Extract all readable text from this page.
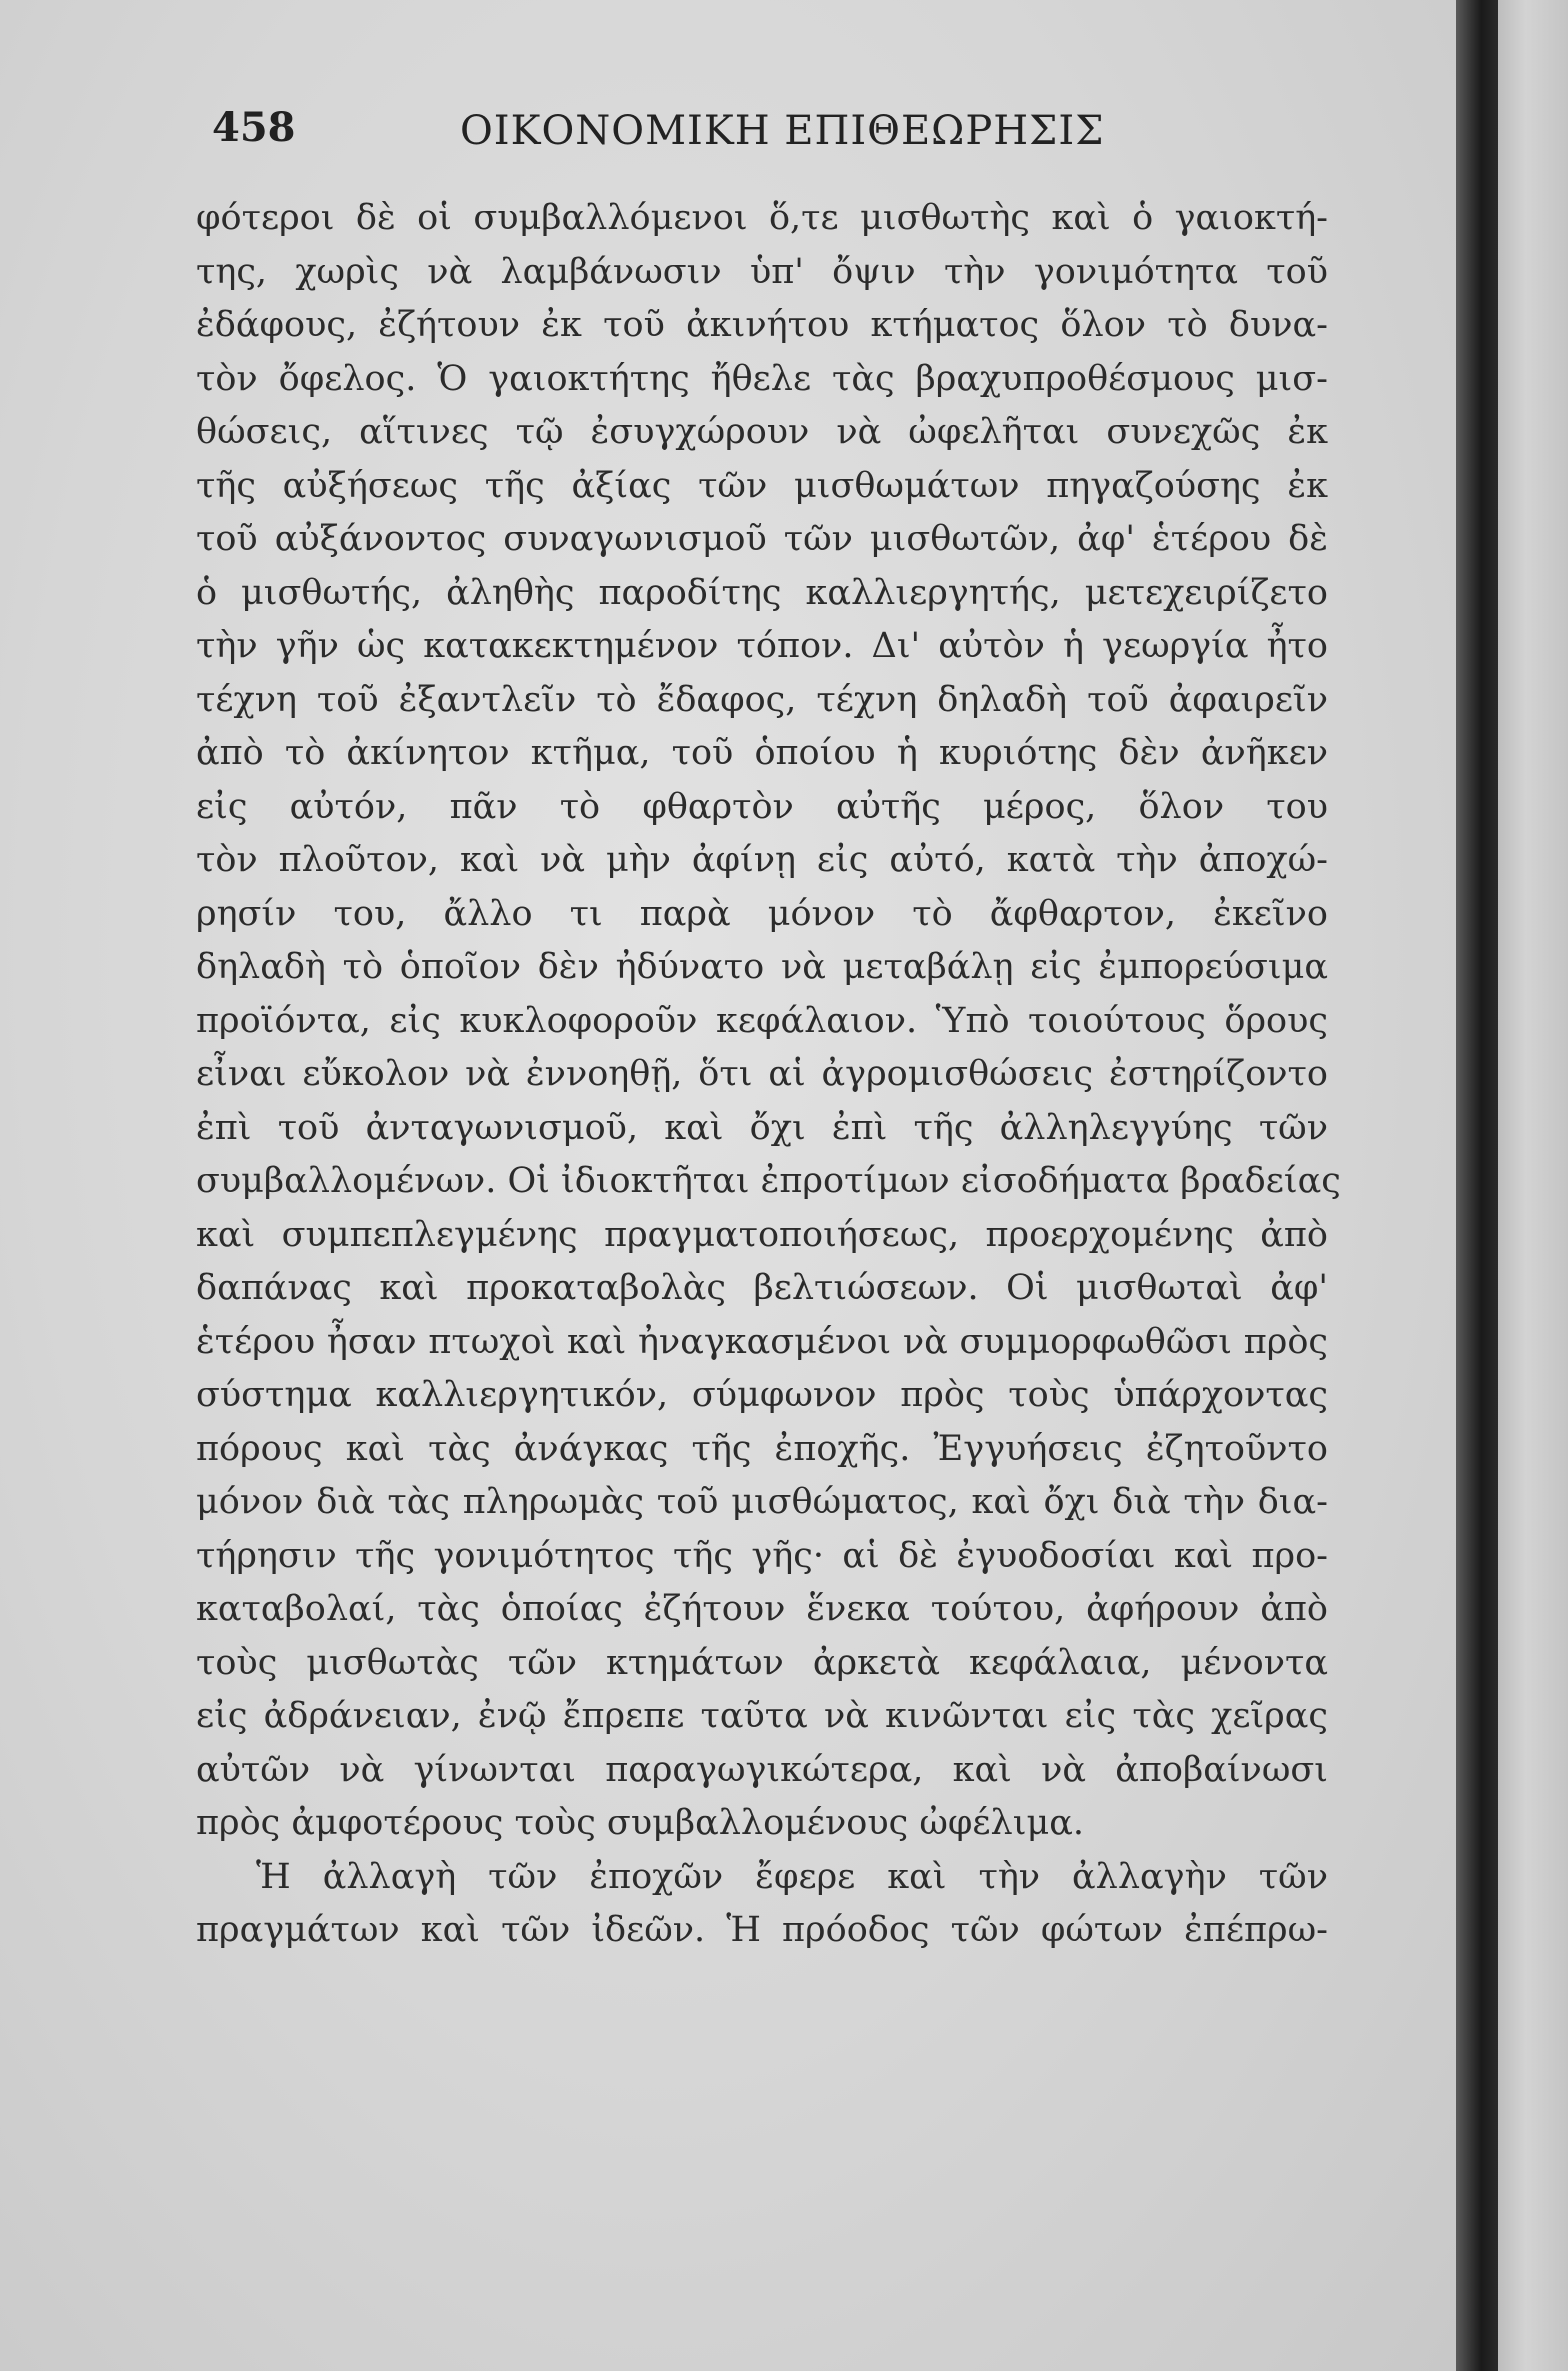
458	ΟΙΚΟΝΟΜΙΚΗ ΕΠΙΘΕΩΡΗΣΙΣ
φότεροι δὲ οἱ συμβαλλόμενοι ὅ,τε μισθωτὴς καὶ ὁ γαιοκτή-
της, χωρὶς νὰ λαμβάνωσιν ὑπ' ὄψιν τὴν γονιμότητα τοῦ
ἐδάφους, ἐζήτουν ἐκ τοῦ ἀκινήτου κτήματος ὅλον τὸ δυνα-
τὸν ὄφελος. Ὁ γαιοκτήτης ἤθελε τὰς βραχυπροθέσμους μισ-
θώσεις, αἵτινες τῷ ἐσυγχώρουν νὰ ὠφελῆται συνεχῶς ἐκ
τῆς αὐξήσεως τῆς ἀξίας τῶν μισθωμάτων πηγαζούσης ἐκ
τοῦ αὐξάνοντος συναγωνισμοῦ τῶν μισθωτῶν, ἀφ' ἑτέρου δὲ
ὁ μισθωτής, ἀληθὴς παροδίτης καλλιεργητής, μετεχειρίζετο
τὴν γῆν ὡς κατακεκτημένον τόπον. Δι' αὐτὸν ἡ γεωργία ἦτο
τέχνη τοῦ ἐξαντλεῖν τὸ ἔδαφος, τέχνη δηλαδὴ τοῦ ἀφαιρεῖν
ἀπὸ τὸ ἀκίνητον κτῆμα, τοῦ ὁποίου ἡ κυριότης δὲν ἀνῆκεν
εἰς αὐτόν, πᾶν τὸ φθαρτὸν αὐτῆς μέρος, ὅλον του
τὸν πλοῦτον, καὶ νὰ μὴν ἀφίνῃ εἰς αὐτό, κατὰ τὴν ἀποχώ-
ρησίν του, ἄλλο τι παρὰ μόνον τὸ ἄφθαρτον, ἐκεῖνο
δηλαδὴ τὸ ὁποῖον δὲν ἠδύνατο νὰ μεταβάλῃ εἰς ἐμπορεύσιμα
προϊόντα, εἰς κυκλοφοροῦν κεφάλαιον. Ὑπὸ τοιούτους ὅρους
εἶναι εὔκολον νὰ ἐννοηθῇ, ὅτι αἱ ἀγρομισθώσεις ἐστηρίζοντο
ἐπὶ τοῦ ἀνταγωνισμοῦ, καὶ ὄχι ἐπὶ τῆς ἀλληλεγγύης τῶν
συμβαλλομένων. Οἱ ἰδιοκτῆται ἐπροτίμων εἰσοδήματα βραδείας
καὶ συμπεπλεγμένης πραγματοποιήσεως, προερχομένης ἀπὸ
δαπάνας καὶ προκαταβολὰς βελτιώσεων. Οἱ μισθωταὶ ἀφ'
ἑτέρου ἦσαν πτωχοὶ καὶ ἠναγκασμένοι νὰ συμμορφωθῶσι πρὸς
σύστημα καλλιεργητικόν, σύμφωνον πρὸς τοὺς ὑπάρχοντας
πόρους καὶ τὰς ἀνάγκας τῆς ἐποχῆς. Ἐγγυήσεις ἐζητοῦντο
μόνον διὰ τὰς πληρωμὰς τοῦ μισθώματος, καὶ ὄχι διὰ τὴν δια-
τήρησιν τῆς γονιμότητος τῆς γῆς· αἱ δὲ ἐγυοδοσίαι καὶ προ-
καταβολαί, τὰς ὁποίας ἐζήτουν ἕνεκα τούτου, ἀφήρουν ἀπὸ
τοὺς μισθωτὰς τῶν κτημάτων ἀρκετὰ κεφάλαια, μένοντα
εἰς ἀδράνειαν, ἐνῷ ἔπρεπε ταῦτα νὰ κινῶνται εἰς τὰς χεῖρας
αὐτῶν νὰ γίνωνται παραγωγικώτερα, καὶ νὰ ἀποβαίνωσι
πρὸς ἀμφοτέρους τοὺς συμβαλλομένους ὠφέλιμα.
Ἡ ἀλλαγὴ τῶν ἐποχῶν ἔφερε καὶ τὴν ἀλλαγὴν τῶν
πραγμάτων καὶ τῶν ἰδεῶν. Ἡ πρόοδος τῶν φώτων ἐπέπρω-
